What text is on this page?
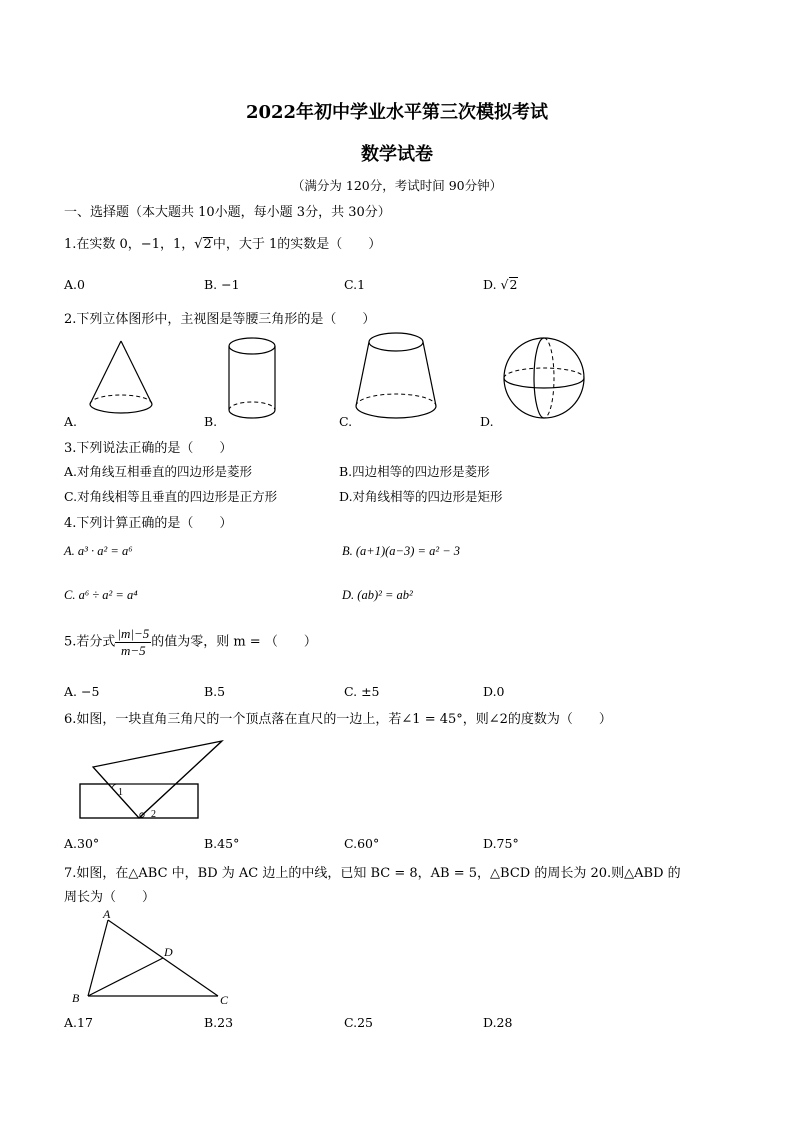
2022年初中学业水平第三次模拟考试
数学试卷
（满分为 120分，考试时间 90分钟）
一、选择题（本大题共 10小题，每小题 3分，共 30分）
1.在实数 0，−1，1，√2中，大于 1的实数是（　　）
A.0	B. −1	C.1	D. √2
2.下列立体图形中，主视图是等腰三角形的是（　　）
A.	B.	C.	D.
3.下列说法正确的是（　　）
A.对角线互相垂直的四边形是菱形	B.四边相等的四边形是菱形
C.对角线相等且垂直的四边形是正方形	D.对角线相等的四边形是矩形
4.下列计算正确的是（　　）
A. a³ · a² = a⁶	B. (a+1)(a−3) = a² − 3
C. a⁶ ÷ a² = a⁴	D. (ab)² = ab²
5.若分式 $\frac{|m|-5}{m-5}$ 的值为零，则 m = （　　）
A. −5	B.5	C. ±5	D.0
6.如图，一块直角三角尺的一个顶点落在直尺的一边上，若∠1 = 45°，则∠2的度数为（　　）
1
2
A.30°	B.45°	C.60°	D.75°
7.如图，在△ABC 中，BD 为 AC 边上的中线，已知 BC = 8，AB = 5，△BCD 的周长为 20.则△ABD 的
周长为（　　）
A
B	C
D
A.17	B.23	C.25	D.28
